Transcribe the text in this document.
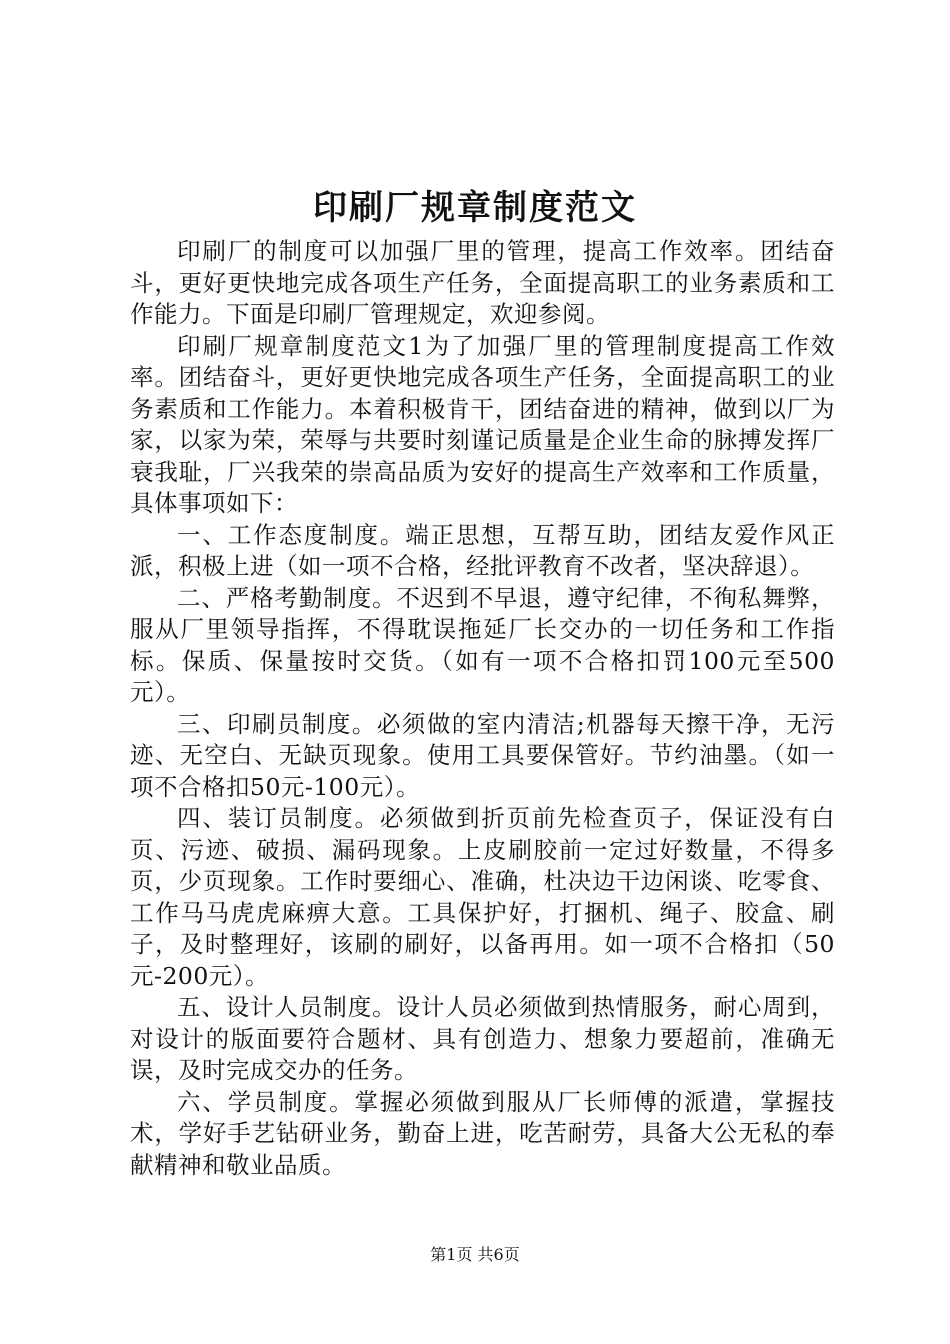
印刷厂规章制度范文

印刷厂的制度可以加强厂里的管理，提高工作效率。团结奋斗，更好更快地完成各项生产任务，全面提高职工的业务素质和工作能力。下面是印刷厂管理规定，欢迎参阅。

印刷厂规章制度范文1为了加强厂里的管理制度提高工作效率。团结奋斗，更好更快地完成各项生产任务，全面提高职工的业务素质和工作能力。本着积极肯干，团结奋进的精神，做到以厂为家，以家为荣，荣辱与共要时刻谨记质量是企业生命的脉搏发挥厂衰我耻，厂兴我荣的崇高品质为安好的提高生产效率和工作质量，具体事项如下：

一、工作态度制度。端正思想，互帮互助，团结友爱作风正派，积极上进（如一项不合格，经批评教育不改者，坚决辞退）。

二、严格考勤制度。不迟到不早退，遵守纪律，不徇私舞弊，服从厂里领导指挥，不得耽误拖延厂长交办的一切任务和工作指标。保质、保量按时交货。（如有一项不合格扣罚100元至500元）。

三、印刷员制度。必须做的室内清洁;机器每天擦干净，无污迹、无空白、无缺页现象。使用工具要保管好。节约油墨。（如一项不合格扣50元-100元）。

四、装订员制度。必须做到折页前先检查页子，保证没有白页、污迹、破损、漏码现象。上皮刷胶前一定过好数量，不得多页，少页现象。工作时要细心、准确，杜决边干边闲谈、吃零食、工作马马虎虎麻痹大意。工具保护好，打捆机、绳子、胶盒、刷子，及时整理好，该刷的刷好，以备再用。如一项不合格扣（50元-200元）。

五、设计人员制度。设计人员必须做到热情服务，耐心周到，对设计的版面要符合题材、具有创造力、想象力要超前，准确无误，及时完成交办的任务。

六、学员制度。掌握必须做到服从厂长师傅的派遣，掌握技术，学好手艺钻研业务，勤奋上进，吃苦耐劳，具备大公无私的奉献精神和敬业品质。

第1页 共6页
